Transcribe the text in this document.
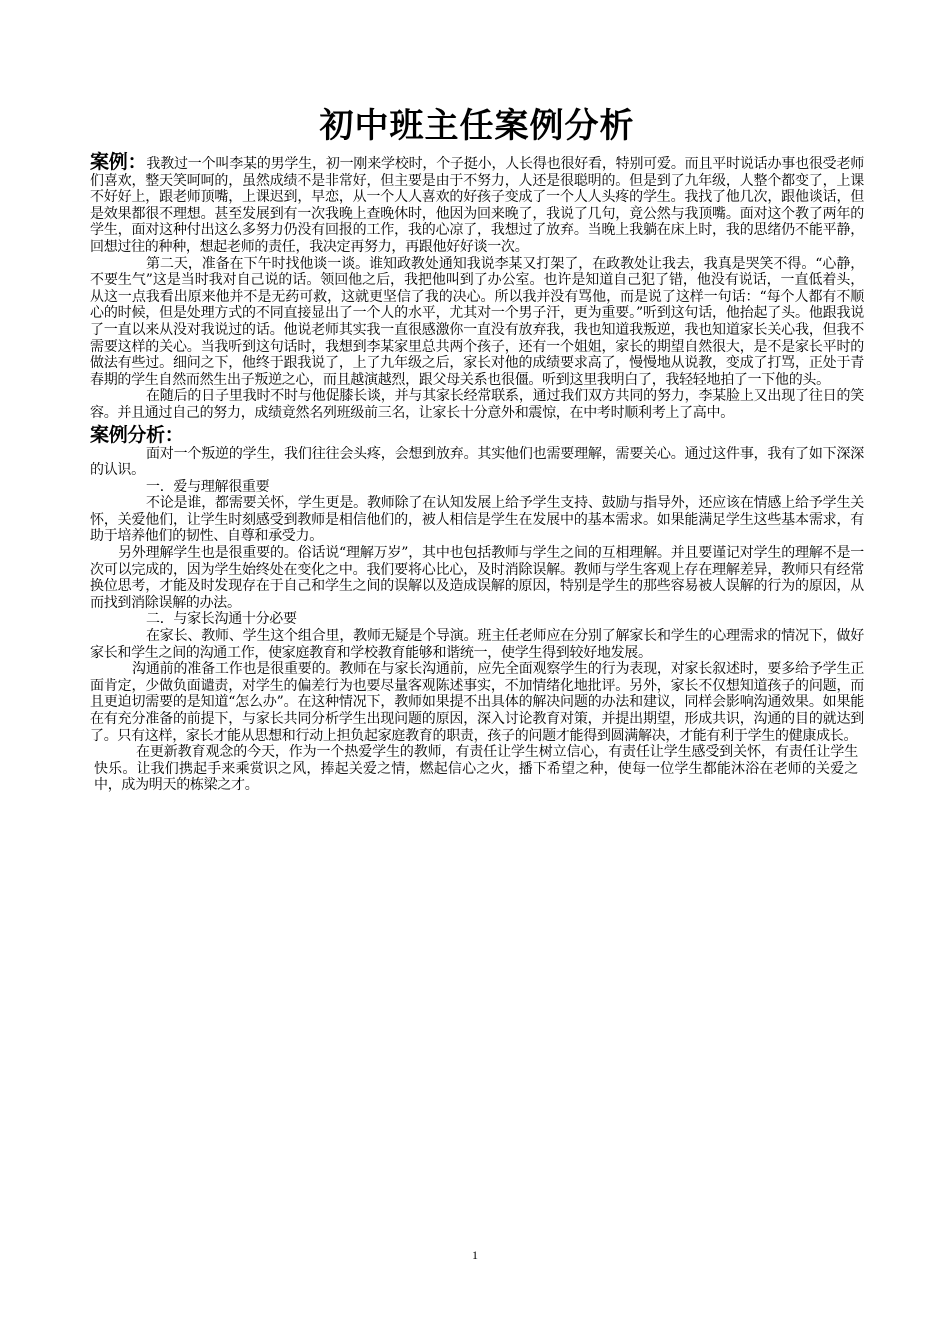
初中班主任案例分析

案例：我教过一个叫李某的男学生，初一刚来学校时，个子挺小，人长得也很好看，特别可爱。而且平时说话办事也很受老师们喜欢，整天笑呵呵的，虽然成绩不是非常好，但主要是由于不努力，人还是很聪明的。但是到了九年级，人整个都变了，上课不好好上，跟老师顶嘴，上课迟到，早恋，从一个人人喜欢的好孩子变成了一个人人头疼的学生。我找了他几次，跟他谈话，但是效果都很不理想。甚至发展到有一次我晚上查晚休时，他因为回来晚了，我说了几句，竟公然与我顶嘴。面对这个教了两年的学生，面对这种付出这么多努力仍没有回报的工作，我的心凉了，我想过了放弃。当晚上我躺在床上时，我的思绪仍不能平静，回想过往的种种，想起老师的责任，我决定再努力，再跟他好好谈一次。

第二天，准备在下午时找他谈一谈。谁知政教处通知我说李某又打架了，在政教处让我去，我真是哭笑不得。“心静，不要生气”这是当时我对自己说的话。领回他之后，我把他叫到了办公室。也许是知道自己犯了错，他没有说话，一直低着头，从这一点我看出原来他并不是无药可救，这就更坚信了我的决心。所以我并没有骂他，而是说了这样一句话：“每个人都有不顺心的时候，但是处理方式的不同直接显出了一个人的水平，尤其对一个男子汗，更为重要。”听到这句话，他抬起了头。他跟我说了一直以来从没对我说过的话。他说老师其实我一直很感激你一直没有放弃我，我也知道我叛逆，我也知道家长关心我，但我不需要这样的关心。当我听到这句话时，我想到李某家里总共两个孩子，还有一个姐姐，家长的期望自然很大，是不是家长平时的做法有些过。细问之下，他终于跟我说了，上了九年级之后，家长对他的成绩要求高了，慢慢地从说教，变成了打骂，正处于青春期的学生自然而然生出子叛逆之心，而且越演越烈，跟父母关系也很僵。听到这里我明白了，我轻轻地拍了一下他的头。

在随后的日子里我时不时与他促膝长谈，并与其家长经常联系，通过我们双方共同的努力，李某脸上又出现了往日的笑容。并且通过自己的努力，成绩竟然名列班级前三名，让家长十分意外和震惊，在中考时顺利考上了高中。

案例分析：

面对一个叛逆的学生，我们往往会头疼，会想到放弃。其实他们也需要理解，需要关心。通过这件事，我有了如下深深的认识。

一．爱与理解很重要

不论是谁，都需要关怀，学生更是。教师除了在认知发展上给予学生支持、鼓励与指导外，还应该在情感上给予学生关怀，关爱他们，让学生时刻感受到教师是相信他们的，被人相信是学生在发展中的基本需求。如果能满足学生这些基本需求，有助于培养他们的韧性、自尊和承受力。

另外理解学生也是很重要的。俗话说“理解万岁”，其中也包括教师与学生之间的互相理解。并且要谨记对学生的理解不是一次可以完成的，因为学生始终处在变化之中。我们要将心比心，及时消除误解。教师与学生客观上存在理解差异，教师只有经常换位思考，才能及时发现存在于自己和学生之间的误解以及造成误解的原因，特别是学生的那些容易被人误解的行为的原因，从而找到消除误解的办法。

二．与家长沟通十分必要

在家长、教师、学生这个组合里，教师无疑是个导演。班主任老师应在分别了解家长和学生的心理需求的情况下，做好家长和学生之间的沟通工作，使家庭教育和学校教育能够和谐统一，使学生得到较好地发展。

沟通前的准备工作也是很重要的。教师在与家长沟通前，应先全面观察学生的行为表现，对家长叙述时，要多给予学生正面肯定，少做负面谴责，对学生的偏差行为也要尽量客观陈述事实，不加情绪化地批评。另外，家长不仅想知道孩子的问题，而且更迫切需要的是知道“怎么办”。在这种情况下，教师如果提不出具体的解决问题的办法和建议，同样会影响沟通效果。如果能在有充分准备的前提下，与家长共同分析学生出现问题的原因，深入讨论教育对策，并提出期望，形成共识，沟通的目的就达到了。只有这样，家长才能从思想和行动上担负起家庭教育的职责，孩子的问题才能得到圆满解决，才能有利于学生的健康成长。

在更新教育观念的今天，作为一个热爱学生的教师，有责任让学生树立信心，有责任让学生感受到关怀，有责任让学生快乐。让我们携起手来乘赏识之风，捧起关爱之情，燃起信心之火，播下希望之种，使每一位学生都能沐浴在老师的关爱之中，成为明天的栋梁之才。

1
